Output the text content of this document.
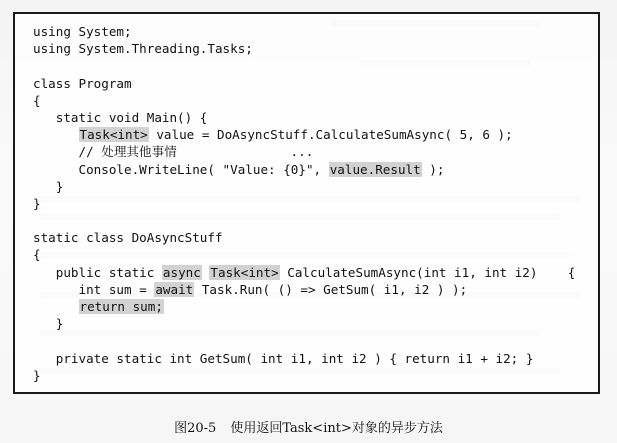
using System;
using System.Threading.Tasks;

class Program
{
static void Main() {
Task<int> value = DoAsyncStuff.CalculateSumAsync( 5, 6 );
// 处理其他事情               ...
Console.WriteLine( "Value: {0}", value.Result );
}
}

static class DoAsyncStuff
{
public static async Task<int> CalculateSumAsync(int i1, int i2)    {
int sum = await Task.Run( () => GetSum( i1, i2 ) );
return sum;
}

private static int GetSum( int i1, int i2 ) { return i1 + i2; }
}
图20-5 使用返回Task<int>对象的异步方法
